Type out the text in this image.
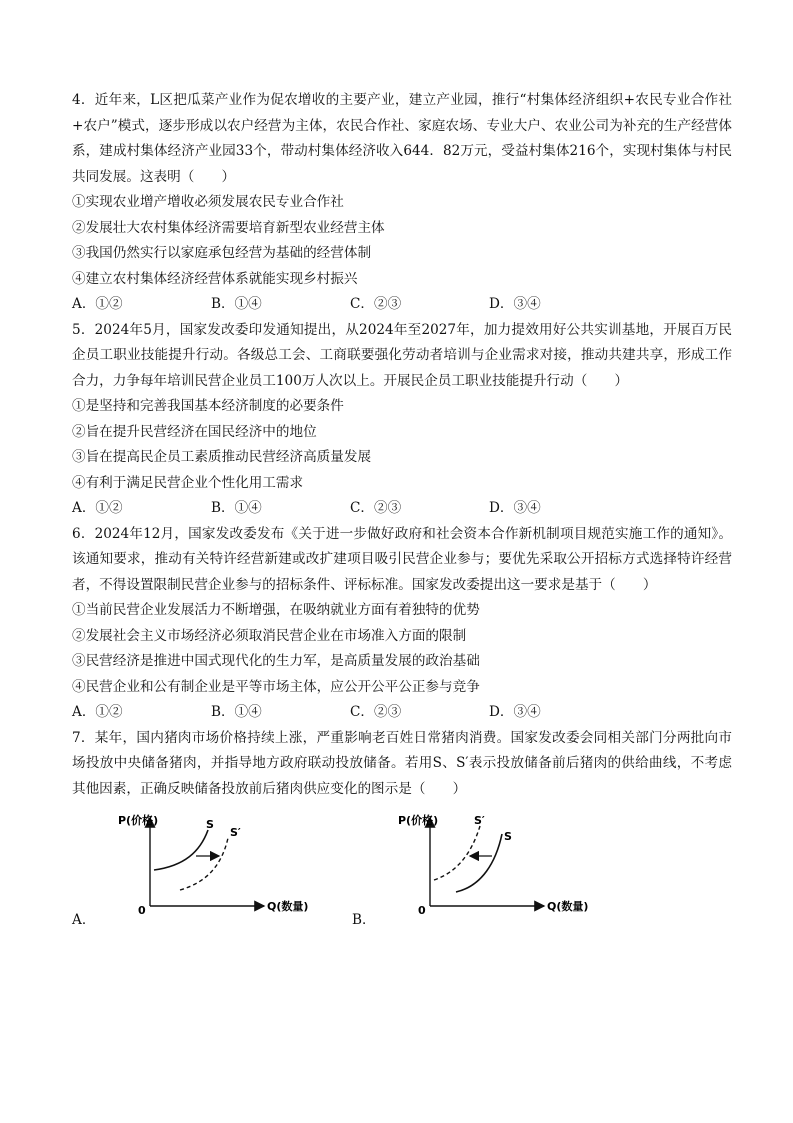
4．近年来，L区把瓜菜产业作为促农增收的主要产业，建立产业园，推行“村集体经济组织+农民专业合作社+农户”模式，逐步形成以农户经营为主体，农民合作社、家庭农场、专业大户、农业公司为补充的生产经营体系，建成村集体经济产业园33个，带动村集体经济收入644．82万元，受益村集体216个，实现村集体与村民共同发展。这表明（　　）

①实现农业增产增收必须发展农民专业合作社

②发展壮大农村集体经济需要培育新型农业经营主体

③我国仍然实行以家庭承包经营为基础的经营体制

④建立农村集体经济经营体系就能实现乡村振兴

A．①②	B．①④	C．②③	D．③④

5．2024年5月，国家发改委印发通知提出，从2024年至2027年，加力提效用好公共实训基地，开展百万民企员工职业技能提升行动。各级总工会、工商联要强化劳动者培训与企业需求对接，推动共建共享，形成工作合力，力争每年培训民营企业员工100万人次以上。开展民企员工职业技能提升行动（　　）

①是坚持和完善我国基本经济制度的必要条件

②旨在提升民营经济在国民经济中的地位

③旨在提高民企员工素质推动民营经济高质量发展

④有利于满足民营企业个性化用工需求

A．①②	B．①④	C．②③	D．③④

6．2024年12月，国家发改委发布《关于进一步做好政府和社会资本合作新机制项目规范实施工作的通知》。该通知要求，推动有关特许经营新建或改扩建项目吸引民营企业参与；要优先采取公开招标方式选择特许经营者，不得设置限制民营企业参与的招标条件、评标标准。国家发改委提出这一要求是基于（　　）

①当前民营企业发展活力不断增强，在吸纳就业方面有着独特的优势

②发展社会主义市场经济必须取消民营企业在市场准入方面的限制

③民营经济是推进中国式现代化的生力军，是高质量发展的政治基础

④民营企业和公有制企业是平等市场主体，应公开公平公正参与竞争

A．①②	B．①④	C．②③	D．③④

7．某年，国内猪肉市场价格持续上涨，严重影响老百姓日常猪肉消费。国家发改委会同相关部门分两批向市场投放中央储备猪肉，并指导地方政府联动投放储备。若用S、S′表示投放储备前后猪肉的供给曲线，不考虑其他因素，正确反映储备投放前后猪肉供应变化的图示是（　　）

A．
P(价格)
Q(数量)
0
S
S′
B．
P(价格)
Q(数量)
0
S′
S
